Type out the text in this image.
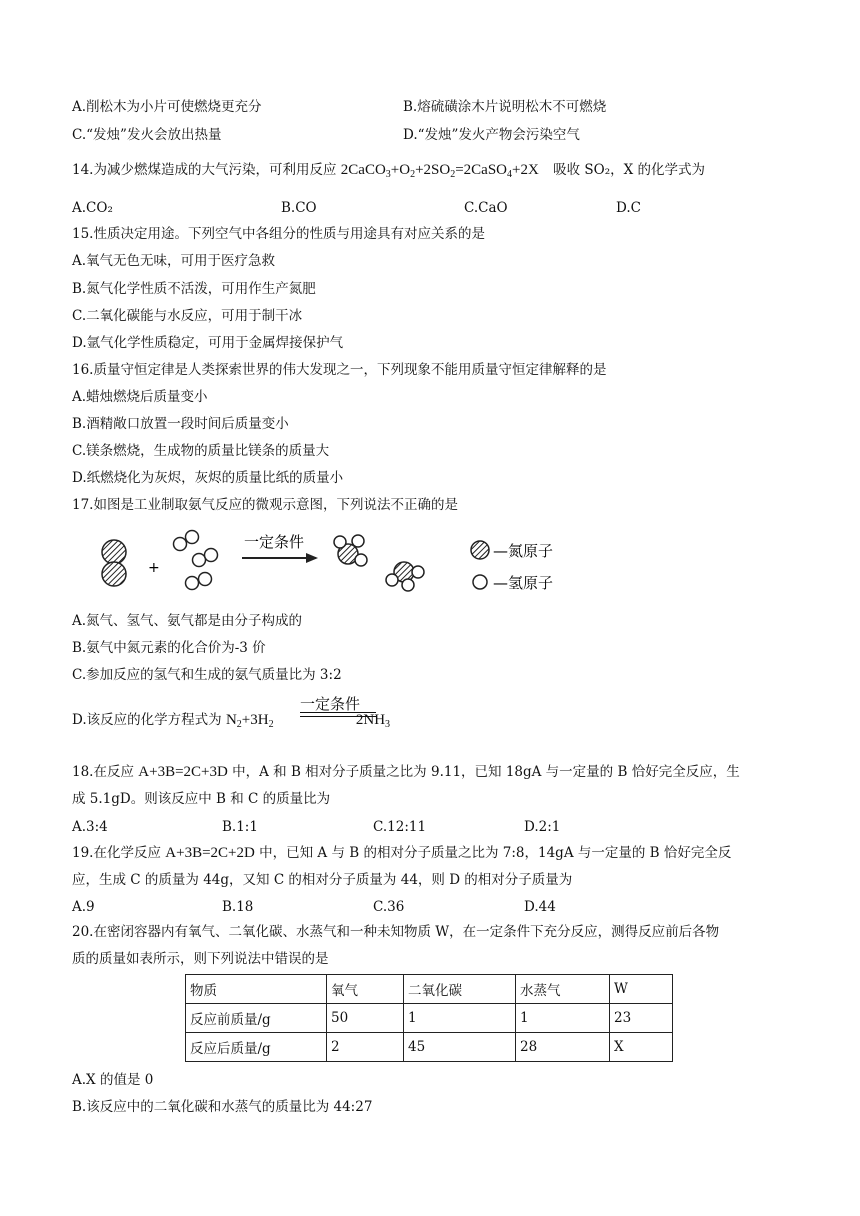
A.削松木为小片可使燃烧更充分	B.熔硫磺涂木片说明松木不可燃烧
C.“发烛”发火会放出热量	D.“发烛”发火产物会污染空气
14.为减少燃煤造成的大气污染，可利用反应 $2CaCO_3+O_2+2SO_2=2CaSO_4+2X$ 吸收 SO₂，X 的化学式为
A.CO₂	B.CO	C.CaO	D.C
15.性质决定用途。下列空气中各组分的性质与用途具有对应关系的是
A.氧气无色无味，可用于医疗急救
B.氮气化学性质不活泼，可用作生产氮肥
C.二氧化碳能与水反应，可用于制干冰
D.氩气化学性质稳定，可用于金属焊接保护气
16.质量守恒定律是人类探索世界的伟大发现之一，下列现象不能用质量守恒定律解释的是
A.蜡烛燃烧后质量变小
B.酒精敞口放置一段时间后质量变小
C.镁条燃烧，生成物的质量比镁条的质量大
D.纸燃烧化为灰烬，灰烬的质量比纸的质量小
17.如图是工业制取氨气反应的微观示意图，下列说法不正确的是
+
一定条件	—氮原子
—氢原子
A.氮气、氢气、氨气都是由分子构成的
B.氨气中氮元素的化合价为-3 价
C.参加反应的氢气和生成的氨气质量比为 3:2
一定条件
D.该反应的化学方程式为 $N_2+3H_2$	$2NH_3$
18.在反应 A+3B=2C+3D 中，A 和 B 相对分子质量之比为 9.11，已知 18gA 与一定量的 B 恰好完全反应，生
成 5.1gD。则该反应中 B 和 C 的质量比为
A.3:4	B.1:1	C.12:11	D.2:1
19.在化学反应 A+3B=2C+2D 中，已知 A 与 B 的相对分子质量之比为 7:8，14gA 与一定量的 B 恰好完全反
应，生成 C 的质量为 44g，又知 C 的相对分子质量为 44，则 D 的相对分子质量为
A.9	B.18	C.36	D.44
20.在密闭容器内有氧气、二氧化碳、水蒸气和一种未知物质 W，在一定条件下充分反应，测得反应前后各物
质的质量如表所示，则下列说法中错误的是
物质	氧气	二氧化碳	水蒸气	W
反应前质量/g	50	1	1	23
反应后质量/g	2	45	28	X
A.X 的值是 0
B.该反应中的二氧化碳和水蒸气的质量比为 44:27
